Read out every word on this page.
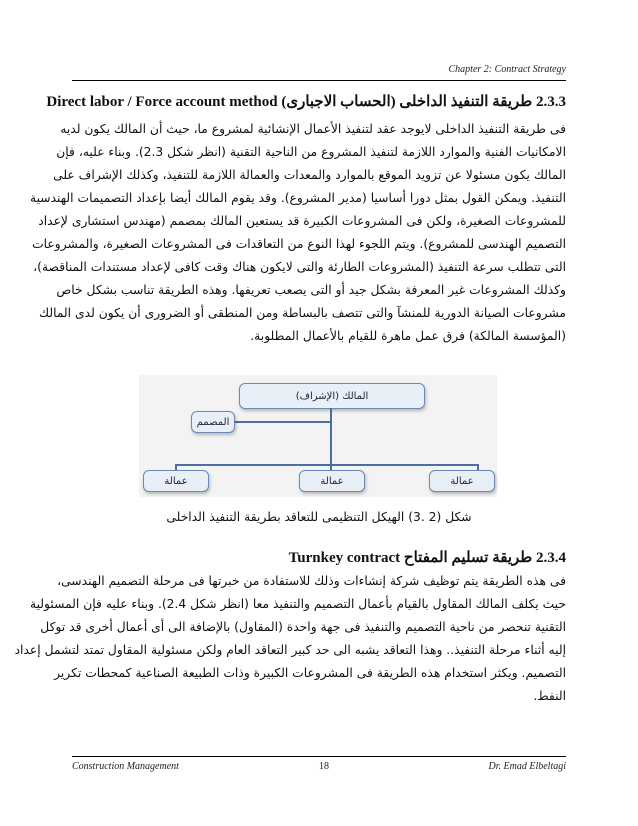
Chapter 2: Contract Strategy
2.3.3 طريقة التنفيذ الداخلى (الحساب الاجبارى) Direct labor / Force account method
فى طريقة التنفيذ الداخلى لايوجد عقد لتنفيذ الأعمال الإنشائية لمشروع ما، حيث أن المالك يكون لديه
الامكانيات الفنية والموارد اللازمة لتنفيذ المشروع من الناحية التقنية (انظر شكل 2.3). وبناء عليه، فإن
المالك يكون مسئولا عن تزويد الموقع بالموارد والمعدات والعمالة اللازمة للتنفيذ، وكذلك الإشراف على
التنفيذ. ويمكن القول بمثل دورا أساسيا (مدير المشروع). وقد يقوم المالك أيضا بإعداد التصميمات الهندسية
للمشروعات الصغيرة، ولكن فى المشروعات الكبيرة قد يستعين المالك بمصمم (مهندس استشارى لإعداد
التصميم الهندسى للمشروع). ويتم اللجوء لهذا النوع من التعاقدات فى المشروعات الصغيرة، والمشروعات
التى تتطلب سرعة التنفيذ (المشروعات الطارئة والتى لايكون هناك وقت كافى لإعداد مستندات المناقصة)،
وكذلك المشروعات غير المعرفة بشكل جيد أو التى يصعب تعريفها. وهذه الطريقة تناسب بشكل خاص
مشروعات الصيانة الدورية للمنشآ والتى تتصف بالبساطة ومن المنطقى أو الضرورى أن يكون لدى المالك
(المؤسسة المالكة) فرق عمل ماهرة للقيام بالأعمال المطلوبة.
المالك (الإشراف)
المصمم
عمالة	عمالة	عمالة
شكل (2 .3) الهيكل التنظيمى للتعاقد بطريقة التنفيذ الداخلى
2.3.4 طريقة تسليم المفتاح Turnkey contract
فى هذه الطريقة يتم توظيف شركة إنشاءات وذلك للاستفادة من خبرتها فى مرحلة التصميم الهندسى،
حيث يكلف المالك المقاول بالقيام بأعمال التصميم والتنفيذ معا (انظر شكل 2.4). وبناء عليه فإن المسئولية
التقنية تنحصر من ناحية التصميم والتنفيذ فى جهة واحدة (المقاول) بالإضافة الى أى أعمال أخرى قد توكل
إليه أثناء مرحلة التنفيذ.. وهذا التعاقد يشبه الى حد كبير التعاقد العام ولكن مسئولية المقاول تمتد لتشمل إعداد
التصميم. ويكثر استخدام هذه الطريقة فى المشروعات الكبيرة وذات الطبيعة الصناعية كمحطات تكرير
النفط.
Construction Management	18	Dr. Emad Elbeltagi
